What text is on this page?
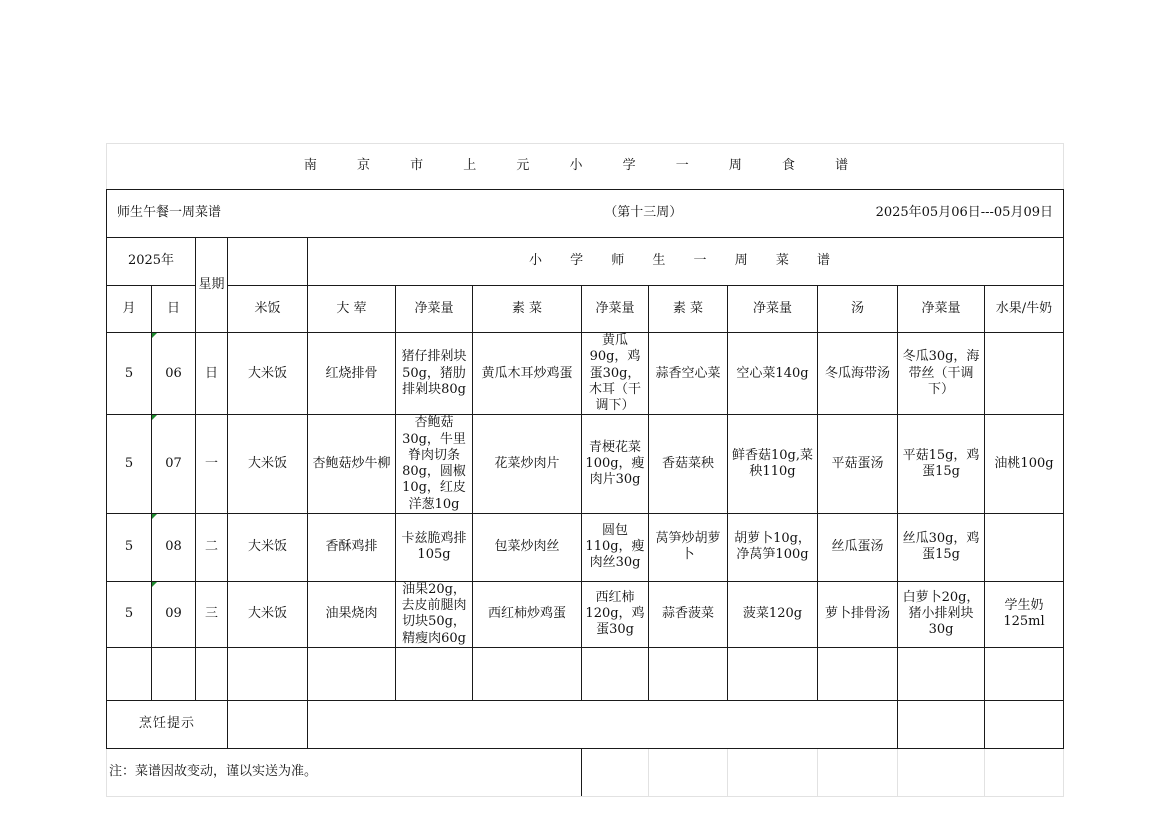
南 京 市 上 元 小 学 一 周 食 谱												

师生午餐一周菜谱 （第十三周） 2025年05月06日---05月09日												

2025年		星期		小 学 师 生 一 周 菜 谱								
月	日		米饭	大 荤	净菜量	素 菜	净菜量	素 菜	净菜量	汤	净菜量	水果/牛奶
5	06	日	大米饭	红烧排骨	猪仔排剁块50g，猪肋排剁块80g	黄瓜木耳炒鸡蛋	黄瓜90g，鸡蛋30g，木耳（干调下）	蒜香空心菜	空心菜140g	冬瓜海带汤	冬瓜30g，海带丝（干调下）	
5	07	一	大米饭	杏鲍菇炒牛柳	杏鲍菇30g，牛里脊肉切条80g，圆椒10g，红皮洋葱10g	花菜炒肉片	青梗花菜100g，瘦肉片30g	香菇菜秧	鲜香菇10g,菜秧110g	平菇蛋汤	平菇15g，鸡蛋15g	油桃100g
5	08	二	大米饭	香酥鸡排	卡兹脆鸡排105g	包菜炒肉丝	圆包110g，瘦肉丝30g	莴笋炒胡萝卜	胡萝卜10g，净莴笋100g	丝瓜蛋汤	丝瓜30g，鸡蛋15g	
5	09	三	大米饭	油果烧肉	油果20g，去皮前腿肉切块50g，精瘦肉60g	西红柿炒鸡蛋	西红柿120g，鸡蛋30g	蒜香菠菜	菠菜120g	萝卜排骨汤	白萝卜20g，猪小排剁块30g	学生奶 125ml

烹饪提示												
注：菜谱因故变动，谨以实送为准。												
